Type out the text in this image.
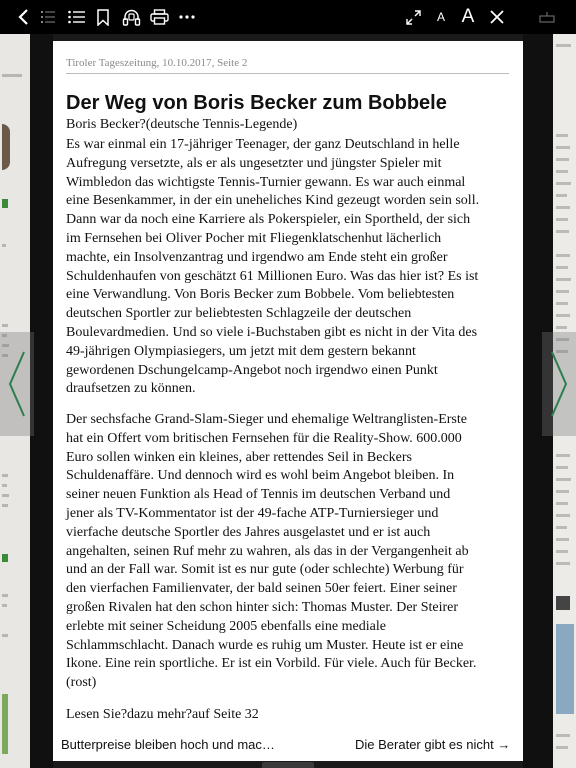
A A
Tiroler Tageszeitung, 10.10.2017, Seite 2
Der Weg von Boris Becker zum Bobbele
Boris Becker?(deutsche Tennis-Legende)
Es war einmal ein 17-jähriger Teenager, der ganz Deutschland in helle
Aufregung versetzte, als er als ungesetzter und jüngster Spieler mit
Wimbledon das wichtigste Tennis-Turnier gewann. Es war auch einmal
eine Besenkammer, in der ein uneheliches Kind gezeugt worden sein soll.
Dann war da noch eine Karriere als Pokerspieler, ein Sportheld, der sich
im Fernsehen bei Oliver Pocher mit Fliegenklatschenhut lächerlich
machte, ein Insolvenzantrag und irgendwo am Ende steht ein großer
Schuldenhaufen von geschätzt 61 Millionen Euro. Was das hier ist? Es ist
eine Verwandlung. Von Boris Becker zum Bobbele. Vom beliebtesten
deutschen Sportler zur beliebtesten Schlagzeile der deutschen
Boulevardmedien. Und so viele i-Buchstaben gibt es nicht in der Vita des
49-jährigen Olympiasiegers, um jetzt mit dem gestern bekannt
gewordenen Dschungelcamp-Angebot noch irgendwo einen Punkt
draufsetzen zu können.
Der sechsfache Grand-Slam-Sieger und ehemalige Weltranglisten-Erste
hat ein Offert vom britischen Fernsehen für die Reality-Show. 600.000
Euro sollen winken ein kleines, aber rettendes Seil in Beckers
Schuldenaffäre. Und dennoch wird es wohl beim Angebot bleiben. In
seiner neuen Funktion als Head of Tennis im deutschen Verband und
jener als TV-Kommentator ist der 49-fache ATP-Turniersieger und
vierfache deutsche Sportler des Jahres ausgelastet und er ist auch
angehalten, seinen Ruf mehr zu wahren, als das in der Vergangenheit ab
und an der Fall war. Somit ist es nur gute (oder schlechte) Werbung für
den vierfachen Familienvater, der bald seinen 50er feiert. Einer seiner
großen Rivalen hat den schon hinter sich: Thomas Muster. Der Steirer
erlebte mit seiner Scheidung 2005 ebenfalls eine mediale
Schlammschlacht. Danach wurde es ruhig um Muster. Heute ist er eine
Ikone. Eine rein sportliche. Er ist ein Vorbild. Für viele. Auch für Becker.
(rost)
Lesen Sie?dazu mehr?auf Seite 32
Butterpreise bleiben hoch und mac…	Die Berater gibt es nicht →
